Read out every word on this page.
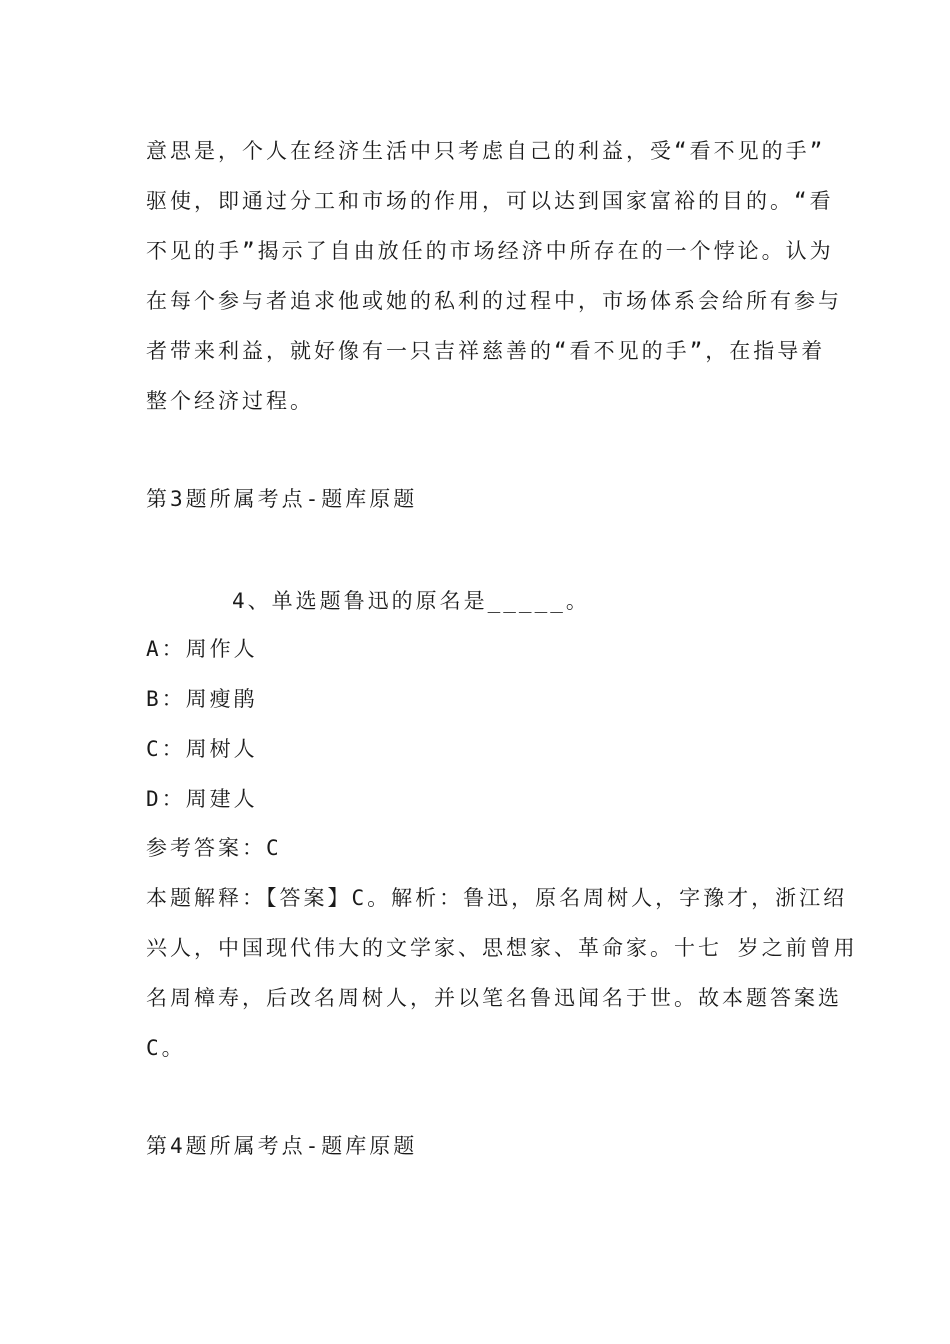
意思是，个人在经济生活中只考虑自己的利益，受“看不见的手”
驱使，即通过分工和市场的作用，可以达到国家富裕的目的。“看
不见的手”揭示了自由放任的市场经济中所存在的一个悖论。认为
在每个参与者追求他或她的私利的过程中，市场体系会给所有参与
者带来利益，就好像有一只吉祥慈善的“看不见的手”，在指导着
整个经济过程。
第3题所属考点-题库原题
4、单选题鲁迅的原名是_____。
A：周作人
B：周瘦鹃
C：周树人
D：周建人
参考答案：C
本题解释：【答案】C。解析：鲁迅，原名周树人，字豫才，浙江绍
兴人，中国现代伟大的文学家、思想家、革命家。十七 岁之前曾用
名周樟寿，后改名周树人，并以笔名鲁迅闻名于世。故本题答案选
C。
第4题所属考点-题库原题
